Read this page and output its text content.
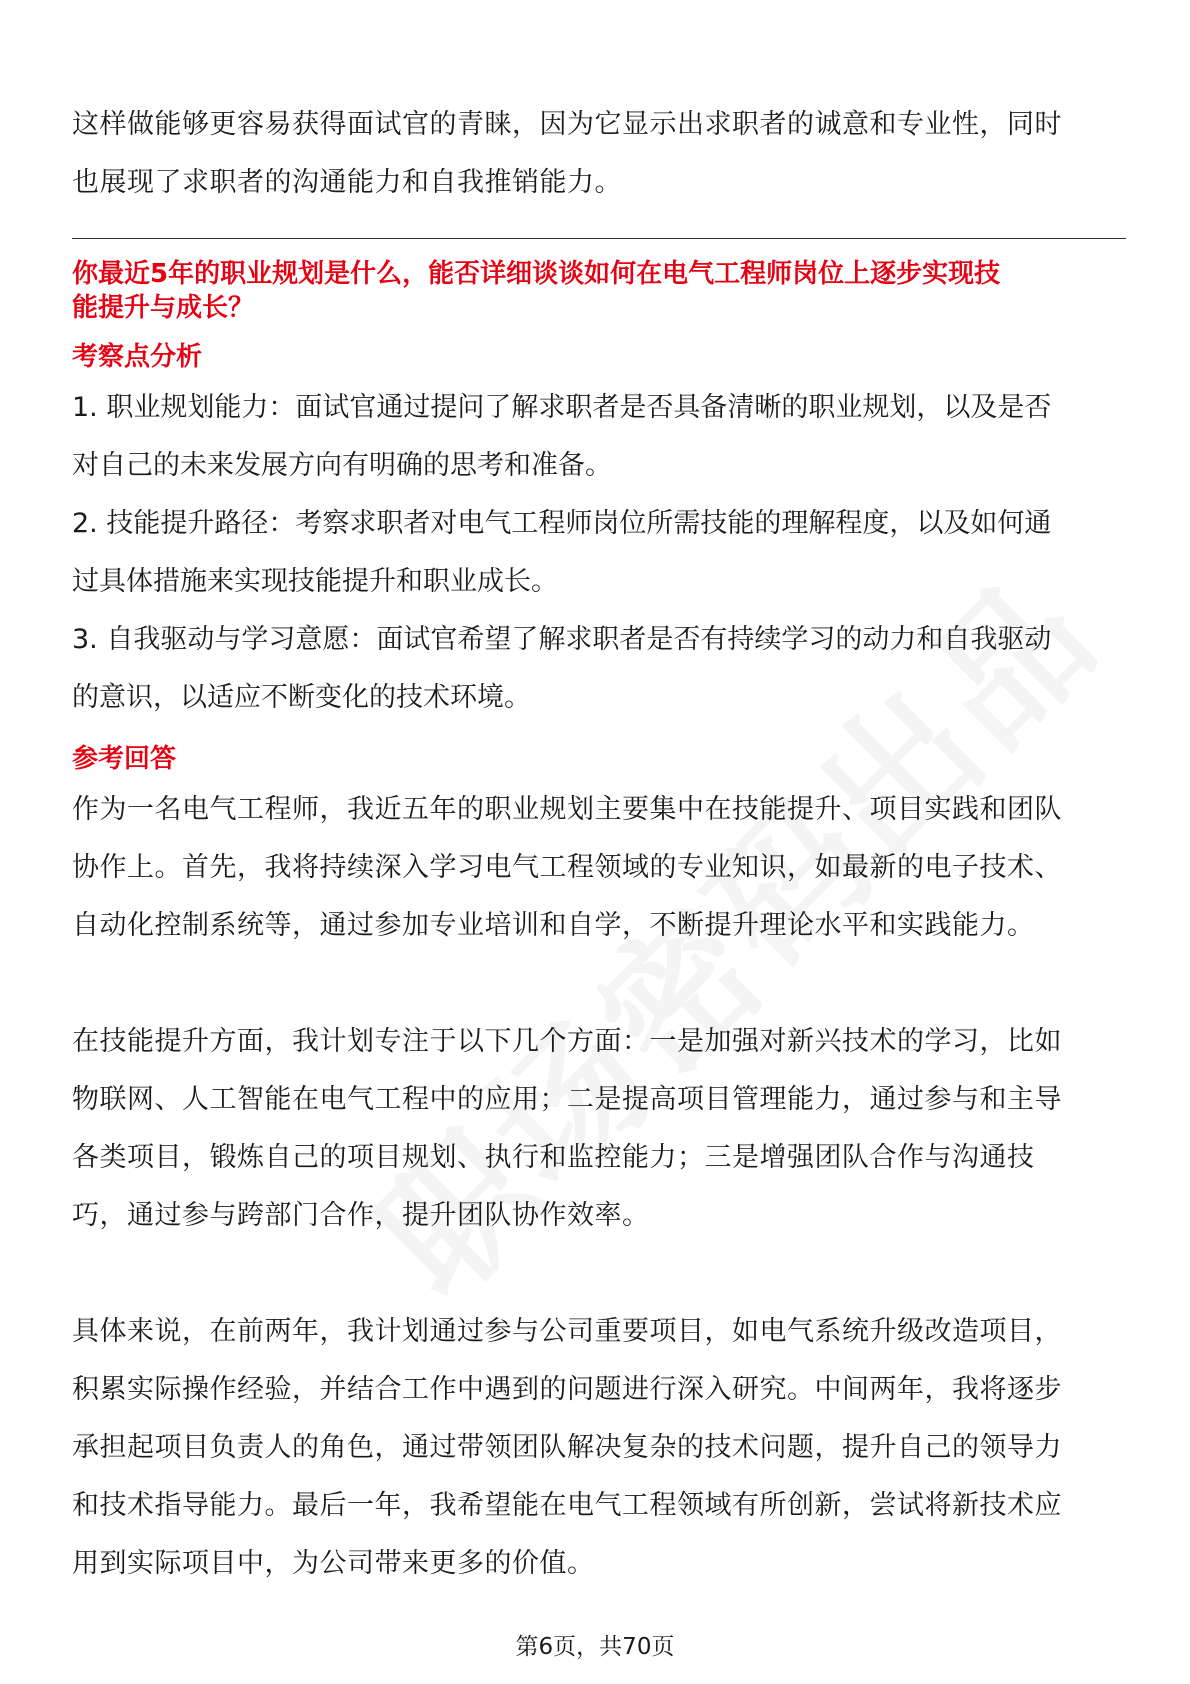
这样做能够更容易获得面试官的青睐，因为它显示出求职者的诚意和专业性，同时

也展现了求职者的沟通能力和自我推销能力。

你最近5年的职业规划是什么，能否详细谈谈如何在电气工程师岗位上逐步实现技
能提升与成长？
考察点分析

1. 职业规划能力：面试官通过提问了解求职者是否具备清晰的职业规划，以及是否

对自己的未来发展方向有明确的思考和准备。

2. 技能提升路径：考察求职者对电气工程师岗位所需技能的理解程度，以及如何通

过具体措施来实现技能提升和职业成长。

3. 自我驱动与学习意愿：面试官希望了解求职者是否有持续学习的动力和自我驱动

的意识，以适应不断变化的技术环境。

参考回答

作为一名电气工程师，我近五年的职业规划主要集中在技能提升、项目实践和团队

协作上。首先，我将持续深入学习电气工程领域的专业知识，如最新的电子技术、

自动化控制系统等，通过参加专业培训和自学，不断提升理论水平和实践能力。

在技能提升方面，我计划专注于以下几个方面：一是加强对新兴技术的学习，比如

物联网、人工智能在电气工程中的应用；二是提高项目管理能力，通过参与和主导

各类项目，锻炼自己的项目规划、执行和监控能力；三是增强团队合作与沟通技

巧，通过参与跨部门合作，提升团队协作效率。

具体来说，在前两年，我计划通过参与公司重要项目，如电气系统升级改造项目，

积累实际操作经验，并结合工作中遇到的问题进行深入研究。中间两年，我将逐步

承担起项目负责人的角色，通过带领团队解决复杂的技术问题，提升自己的领导力

和技术指导能力。最后一年，我希望能在电气工程领域有所创新，尝试将新技术应

用到实际项目中，为公司带来更多的价值。

第6页，共70页
